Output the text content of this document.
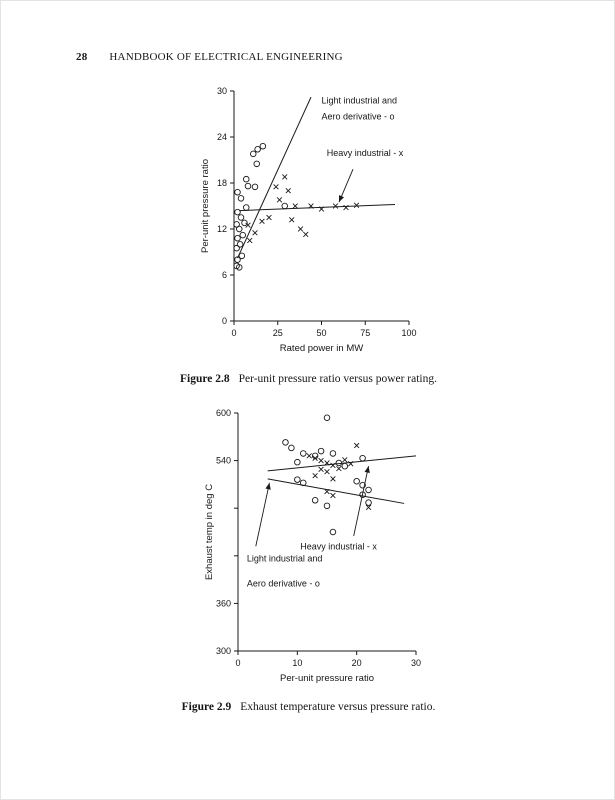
28 HANDBOOK OF ELECTRICAL ENGINEERING
0	25	50	75	100
0
6
12
18
24
30
Rated power in MW
Per-unit pressure ratio
Light industrial and Aero derivative - o
Heavy industrial - x
Figure 2.8 Per-unit pressure ratio versus power rating.
0	10	20	30
300
360
540
600
Per-unit pressure ratio
Exhaust temp in deg C	Heavy industrial - x
Light industrial and Aero derivative - o
Figure 2.9 Exhaust temperature versus pressure ratio.
